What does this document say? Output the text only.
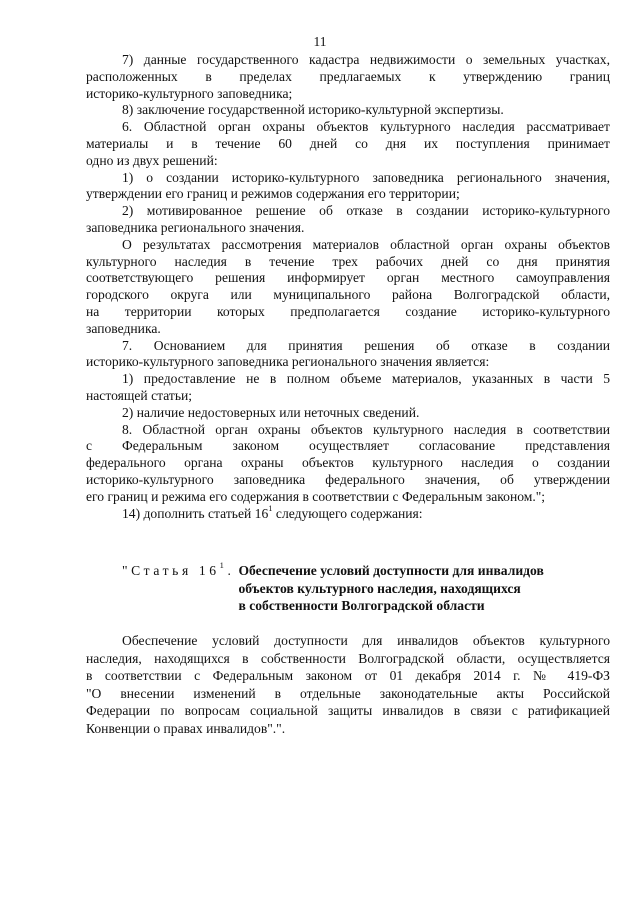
11
7) данные государственного кадастра недвижимости о земельных участках,
расположенных в пределах предлагаемых к утверждению границ
историко-культурного заповедника;
8) заключение государственной историко-культурной экспертизы.
6. Областной орган охраны объектов культурного наследия рассматривает
материалы и в течение 60 дней со дня их поступления принимает
одно из двух решений:
1) о создании историко-культурного заповедника регионального значения,
утверждении его границ и режимов содержания его территории;
2) мотивированное решение об отказе в создании историко-культурного
заповедника регионального значения.
О результатах рассмотрения материалов областной орган охраны объектов
культурного наследия в течение трех рабочих дней со дня принятия
соответствующего решения информирует орган местного самоуправления
городского округа или муниципального района Волгоградской области,
на территории которых предполагается создание историко-культурного
заповедника.
7. Основанием для принятия решения об отказе в создании
историко-культурного заповедника регионального значения является:
1) предоставление не в полном объеме материалов, указанных в части 5
настоящей статьи;
2) наличие недостоверных или неточных сведений.
8. Областной орган охраны объектов культурного наследия в соответствии
с Федеральным законом осуществляет согласование представления
федерального органа охраны объектов культурного наследия о создании
историко-культурного заповедника федерального значения, об утверждении
его границ и режима его содержания в соответствии с Федеральным законом.";
14) дополнить статьей $16^1$ следующего содержания:
"Статья $16^1$. Обеспечение условий доступности для инвалидов
объектов культурного наследия, находящихся
в собственности Волгоградской области
Обеспечение условий доступности для инвалидов объектов культурного
наследия, находящихся в собственности Волгоградской области, осуществляется
в соответствии с Федеральным законом от 01 декабря 2014 г. № 419-ФЗ
"О внесении изменений в отдельные законодательные акты Российской
Федерации по вопросам социальной защиты инвалидов в связи с ратификацией
Конвенции о правах инвалидов".".
